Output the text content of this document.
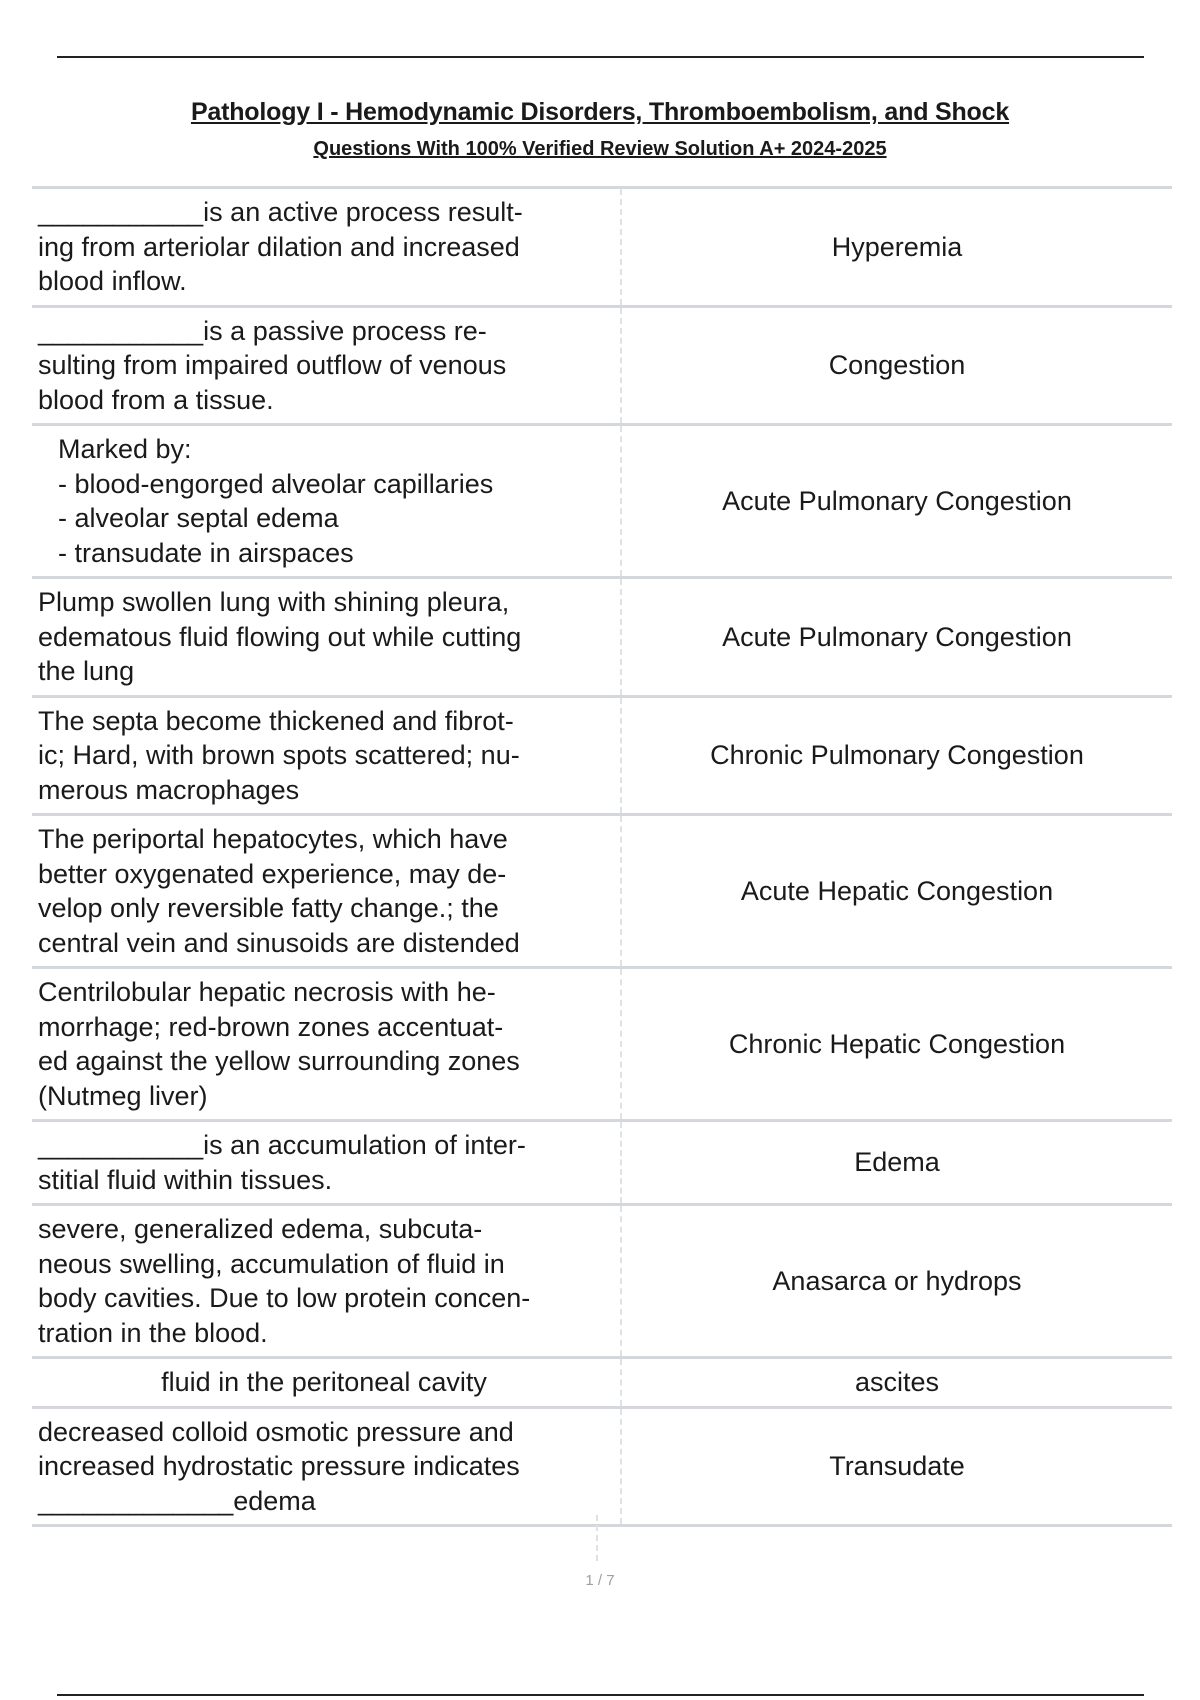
Pathology I - Hemodynamic Disorders, Thromboembolism, and Shock
Questions With 100% Verified Review Solution A+ 2024-2025
___________is an active process result-
ing from arteriolar dilation and increased
blood inflow.	Hyperemia
___________is a passive process re-
sulting from impaired outflow of venous
blood from a tissue.	Congestion
Marked by:
- blood-engorged alveolar capillaries
- alveolar septal edema
- transudate in airspaces	Acute Pulmonary Congestion
Plump swollen lung with shining pleura,
edematous fluid flowing out while cutting
the lung	Acute Pulmonary Congestion
The septa become thickened and fibrot-
ic; Hard, with brown spots scattered; nu-
merous macrophages	Chronic Pulmonary Congestion
The periportal hepatocytes, which have
better oxygenated experience, may de-
velop only reversible fatty change.; the
central vein and sinusoids are distended	Acute Hepatic Congestion
Centrilobular hepatic necrosis with he-
morrhage; red-brown zones accentuat-
ed against the yellow surrounding zones
(Nutmeg liver)	Chronic Hepatic Congestion
___________is an accumulation of inter-
stitial fluid within tissues.	Edema
severe, generalized edema, subcuta-
neous swelling, accumulation of fluid in
body cavities. Due to low protein concen-
tration in the blood.	Anasarca or hydrops
fluid in the peritoneal cavity	ascites
decreased colloid osmotic pressure and
increased hydrostatic pressure indicates
_____________edema	Transudate
1 / 7
